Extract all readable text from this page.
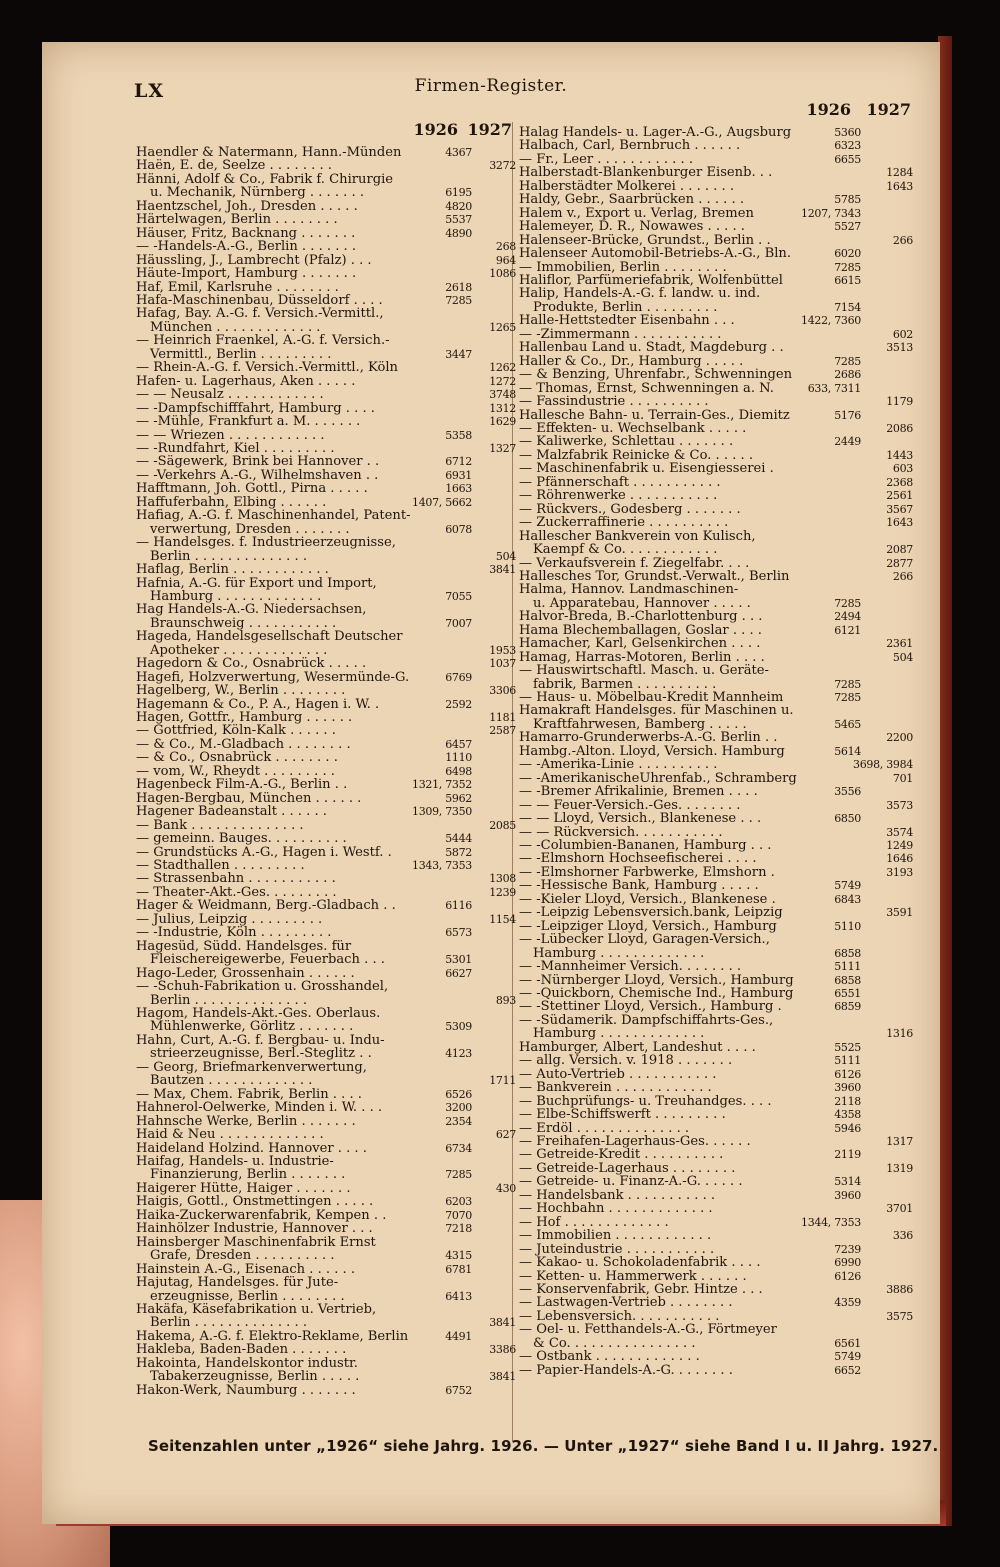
LX	Firmen-Register.
1926 1927
Haendler & Natermann, Hann.-Münden	4367
Haën, E. de, Seelze . . . . . . . .	3272
Hänni, Adolf & Co., Fabrik f. Chirurgie
u. Mechanik, Nürnberg . . . . . . .	6195
Haentzschel, Joh., Dresden . . . . .	4820
Härtelwagen, Berlin . . . . . . . .	5537
Häuser, Fritz, Backnang . . . . . . .	4890
— -Handels-A.-G., Berlin . . . . . . .	268
Häussling, J., Lambrecht (Pfalz) . . .	964
Häute-Import, Hamburg . . . . . . .	1086
Haf, Emil, Karlsruhe . . . . . . . .	2618
Hafa-Maschinenbau, Düsseldorf . . . .	7285
Hafag, Bay. A.-G. f. Versich.-Vermittl.,
München . . . . . . . . . . . . .	1265
— Heinrich Fraenkel, A.-G. f. Versich.-
Vermittl., Berlin . . . . . . . . .	3447
— Rhein-A.-G. f. Versich.-Vermittl., Köln	1262
Hafen- u. Lagerhaus, Aken . . . . .	1272
— — Neusalz . . . . . . . . . . . .	3748
— -Dampfschifffahrt, Hamburg . . . .	1312
— -Mühle, Frankfurt a. M. . . . . . .	1629
— — Wriezen . . . . . . . . . . . .	5358
— -Rundfahrt, Kiel . . . . . . . . .	1327
— -Sägewerk, Brink bei Hannover . .	6712
— -Verkehrs A.-G., Wilhelmshaven . .	6931
Hafftmann, Joh. Gottl., Pirna . . . . .	1663
Haffuferbahn, Elbing . . . . . .	1407, 5662
Hafiag, A.-G. f. Maschinenhandel, Patent-
verwertung, Dresden . . . . . . .	6078
— Handelsges. f. Industrieerzeugnisse,
Berlin . . . . . . . . . . . . . .	504
Haflag, Berlin . . . . . . . . . . . .	3841
Hafnia, A.-G. für Export und Import,
Hamburg . . . . . . . . . . . . .	7055
Hag Handels-A.-G. Niedersachsen,
Braunschweig . . . . . . . . . . .	7007
Hageda, Handelsgesellschaft Deutscher
Apotheker . . . . . . . . . . . . .	1953
Hagedorn & Co., Osnabrück . . . . .	1037
Hagefi, Holzverwertung, Wesermünde-G.	6769
Hagelberg, W., Berlin . . . . . . . .	3306
Hagemann & Co., P. A., Hagen i. W. .	2592
Hagen, Gottfr., Hamburg . . . . . .	1181
— Gottfried, Köln-Kalk . . . . . .	2587
— & Co., M.-Gladbach . . . . . . . .	6457
— & Co., Osnabrück . . . . . . . .	1110
— vom, W., Rheydt . . . . . . . . .	6498
Hagenbeck Film-A.-G., Berlin . .	1321, 7352
Hagen-Bergbau, München . . . . . .	5962
Hagener Badeanstalt . . . . . .	1309, 7350
— Bank . . . . . . . . . . . . . .	2085
— gemeinn. Bauges. . . . . . . . . .	5444
— Grundstücks A.-G., Hagen i. Westf. .	5872
— Stadthallen . . . . . . . . .	1343, 7353
— Strassenbahn . . . . . . . . . . .	1308
— Theater-Akt.-Ges. . . . . . . . .	1239
Hager & Weidmann, Berg.-Gladbach . .	6116
— Julius, Leipzig . . . . . . . . .	1154
— -Industrie, Köln . . . . . . . . .	6573
Hagesüd, Südd. Handelsges. für
Fleischereigewerbe, Feuerbach . . .	5301
Hago-Leder, Grossenhain . . . . . .	6627
— -Schuh-Fabrikation u. Grosshandel,
Berlin . . . . . . . . . . . . . .	893
Hagom, Handels-Akt.-Ges. Oberlaus.
Mühlenwerke, Görlitz . . . . . . .	5309
Hahn, Curt, A.-G. f. Bergbau- u. Indu-
strieerzeugnisse, Berl.-Steglitz . .	4123
— Georg, Briefmarkenverwertung,
Bautzen . . . . . . . . . . . . .	1711
— Max, Chem. Fabrik, Berlin . . . .	6526
Hahnerol-Oelwerke, Minden i. W. . . .	3200
Hahnsche Werke, Berlin . . . . . . .	2354
Haid & Neu . . . . . . . . . . . . .	627
Haideland Holzind. Hannover . . . .	6734
Haifag, Handels- u. Industrie-
Finanzierung, Berlin . . . . . . .	7285
Haigerer Hütte, Haiger . . . . . . .	430
Haigis, Gottl., Onstmettingen . . . . .	6203
Haika-Zuckerwarenfabrik, Kempen . .	7070
Hainhölzer Industrie, Hannover . . .	7218
Hainsberger Maschinenfabrik Ernst
Grafe, Dresden . . . . . . . . . .	4315
Hainstein A.-G., Eisenach . . . . . .	6781
Hajutag, Handelsges. für Jute-
erzeugnisse, Berlin . . . . . . . .	6413
Hakäfa, Käsefabrikation u. Vertrieb,
Berlin . . . . . . . . . . . . . .	3841
Hakema, A.-G. f. Elektro-Reklame, Berlin	4491
Hakleba, Baden-Baden . . . . . . .	3386
Hakointa, Handelskontor industr.
Tabakerzeugnisse, Berlin . . . . .	3841
Hakon-Werk, Naumburg . . . . . . .	6752
1926 1927
Halag Handels- u. Lager-A.-G., Augsburg	5360
Halbach, Carl, Bernbruch . . . . . .	6323
— Fr., Leer . . . . . . . . . . . .	6655
Halberstadt-Blankenburger Eisenb. . .	1284
Halberstädter Molkerei . . . . . . .	1643
Haldy, Gebr., Saarbrücken . . . . . .	5785
Halem v., Export u. Verlag, Bremen	1207, 7343
Halemeyer, D. R., Nowawes . . . . .	5527
Halenseer-Brücke, Grundst., Berlin . .	266
Halenseer Automobil-Betriebs-A.-G., Bln.	6020
— Immobilien, Berlin . . . . . . . .	7285
Haliflor, Parfümeriefabrik, Wolfenbüttel	6615
Halip, Handels-A.-G. f. landw. u. ind.
Produkte, Berlin . . . . . . . . .	7154
Halle-Hettstedter Eisenbahn . . .	1422, 7360
— -Zimmermann . . . . . . . . . . .	602
Hallenbau Land u. Stadt, Magdeburg . .	3513
Haller & Co., Dr., Hamburg . . . . .	7285
— & Benzing, Uhrenfabr., Schwenningen	2686
— Thomas, Ernst, Schwenningen a. N.	633, 7311
— Fassindustrie . . . . . . . . . .	1179
Hallesche Bahn- u. Terrain-Ges., Diemitz	5176
— Effekten- u. Wechselbank . . . . .	2086
— Kaliwerke, Schlettau . . . . . . .	2449
— Malzfabrik Reinicke & Co. . . . . .	1443
— Maschinenfabrik u. Eisengiesserei .	603
— Pfännerschaft . . . . . . . . . . .	2368
— Röhrenwerke . . . . . . . . . . .	2561
— Rückvers., Godesberg . . . . . . .	3567
— Zuckerraffinerie . . . . . . . . . .	1643
Hallescher Bankverein von Kulisch,
Kaempf & Co. . . . . . . . . . . .	2087
— Verkaufsverein f. Ziegelfabr. . . .	2877
Hallesches Tor, Grundst.-Verwalt., Berlin	266
Halma, Hannov. Landmaschinen-
u. Apparatebau, Hannover . . . . .	7285
Halvor-Breda, B.-Charlottenburg . . .	2494
Hama Blechemballagen, Goslar . . . .	6121
Hamacher, Karl, Gelsenkirchen . . . .	2361
Hamag, Harras-Motoren, Berlin . . . .	504
— Hauswirtschaftl. Masch. u. Geräte-
fabrik, Barmen . . . . . . . . . .	7285
— Haus- u. Möbelbau-Kredit Mannheim	7285
Hamakraft Handelsges. für Maschinen u.
Kraftfahrwesen, Bamberg . . . . .	5465
Hamarro-Grunderwerbs-A.-G. Berlin . .	2200
Hambg.-Alton. Lloyd, Versich. Hamburg	5614
— -Amerika-Linie . . . . . . . . . .	3698, 3984
— -AmerikanischeUhrenfab., Schramberg	701
— -Bremer Afrikalinie, Bremen . . . .	3556
— — Feuer-Versich.-Ges. . . . . . . .	3573
— — Lloyd, Versich., Blankenese . . .	6850
— — Rückversich. . . . . . . . . . .	3574
— -Columbien-Bananen, Hamburg . . .	1249
— -Elmshorn Hochseefischerei . . . .	1646
— -Elmshorner Farbwerke, Elmshorn .	3193
— -Hessische Bank, Hamburg . . . . .	5749
— -Kieler Lloyd, Versich., Blankenese .	6843
— -Leipzig Lebensversich.bank, Leipzig	3591
— -Leipziger Lloyd, Versich., Hamburg	5110
— -Lübecker Lloyd, Garagen-Versich.,
Hamburg . . . . . . . . . . . . .	6858
— -Mannheimer Versich. . . . . . . .	5111
— -Nürnberger Lloyd, Versich., Hamburg	6858
— -Quickborn, Chemische Ind., Hamburg	6551
— -Stettiner Lloyd, Versich., Hamburg .	6859
— -Südamerik. Dampfschiffahrts-Ges.,
Hamburg . . . . . . . . . . . . .	1316
Hamburger, Albert, Landeshut . . . .	5525
— allg. Versich. v. 1918 . . . . . . .	5111
— Auto-Vertrieb . . . . . . . . . . .	6126
— Bankverein . . . . . . . . . . . .	3960
— Buchprüfungs- u. Treuhandges. . . .	2118
— Elbe-Schiffswerft . . . . . . . . .	4358
— Erdöl . . . . . . . . . . . . . .	5946
— Freihafen-Lagerhaus-Ges. . . . . .	1317
— Getreide-Kredit . . . . . . . . . .	2119
— Getreide-Lagerhaus . . . . . . . .	1319
— Getreide- u. Finanz-A.-G. . . . . .	5314
— Handelsbank . . . . . . . . . . .	3960
— Hochbahn . . . . . . . . . . . . .	3701
— Hof . . . . . . . . . . . . .	1344, 7353
— Immobilien . . . . . . . . . . . .	336
— Juteindustrie . . . . . . . . . . .	7239
— Kakao- u. Schokoladenfabrik . . . .	6990
— Ketten- u. Hammerwerk . . . . . .	6126
— Konservenfabrik, Gebr. Hintze . . .	3886
— Lastwagen-Vertrieb . . . . . . . .	4359
— Lebensversich. . . . . . . . . . .	3575
— Oel- u. Fetthandels-A.-G., Förtmeyer
& Co. . . . . . . . . . . . . . . .	6561
— Ostbank . . . . . . . . . . . . .	5749
— Papier-Handels-A.-G. . . . . . . .	6652
Seitenzahlen unter „1926“ siehe Jahrg. 1926. — Unter „1927“ siehe Band I u. II Jahrg. 1927.
